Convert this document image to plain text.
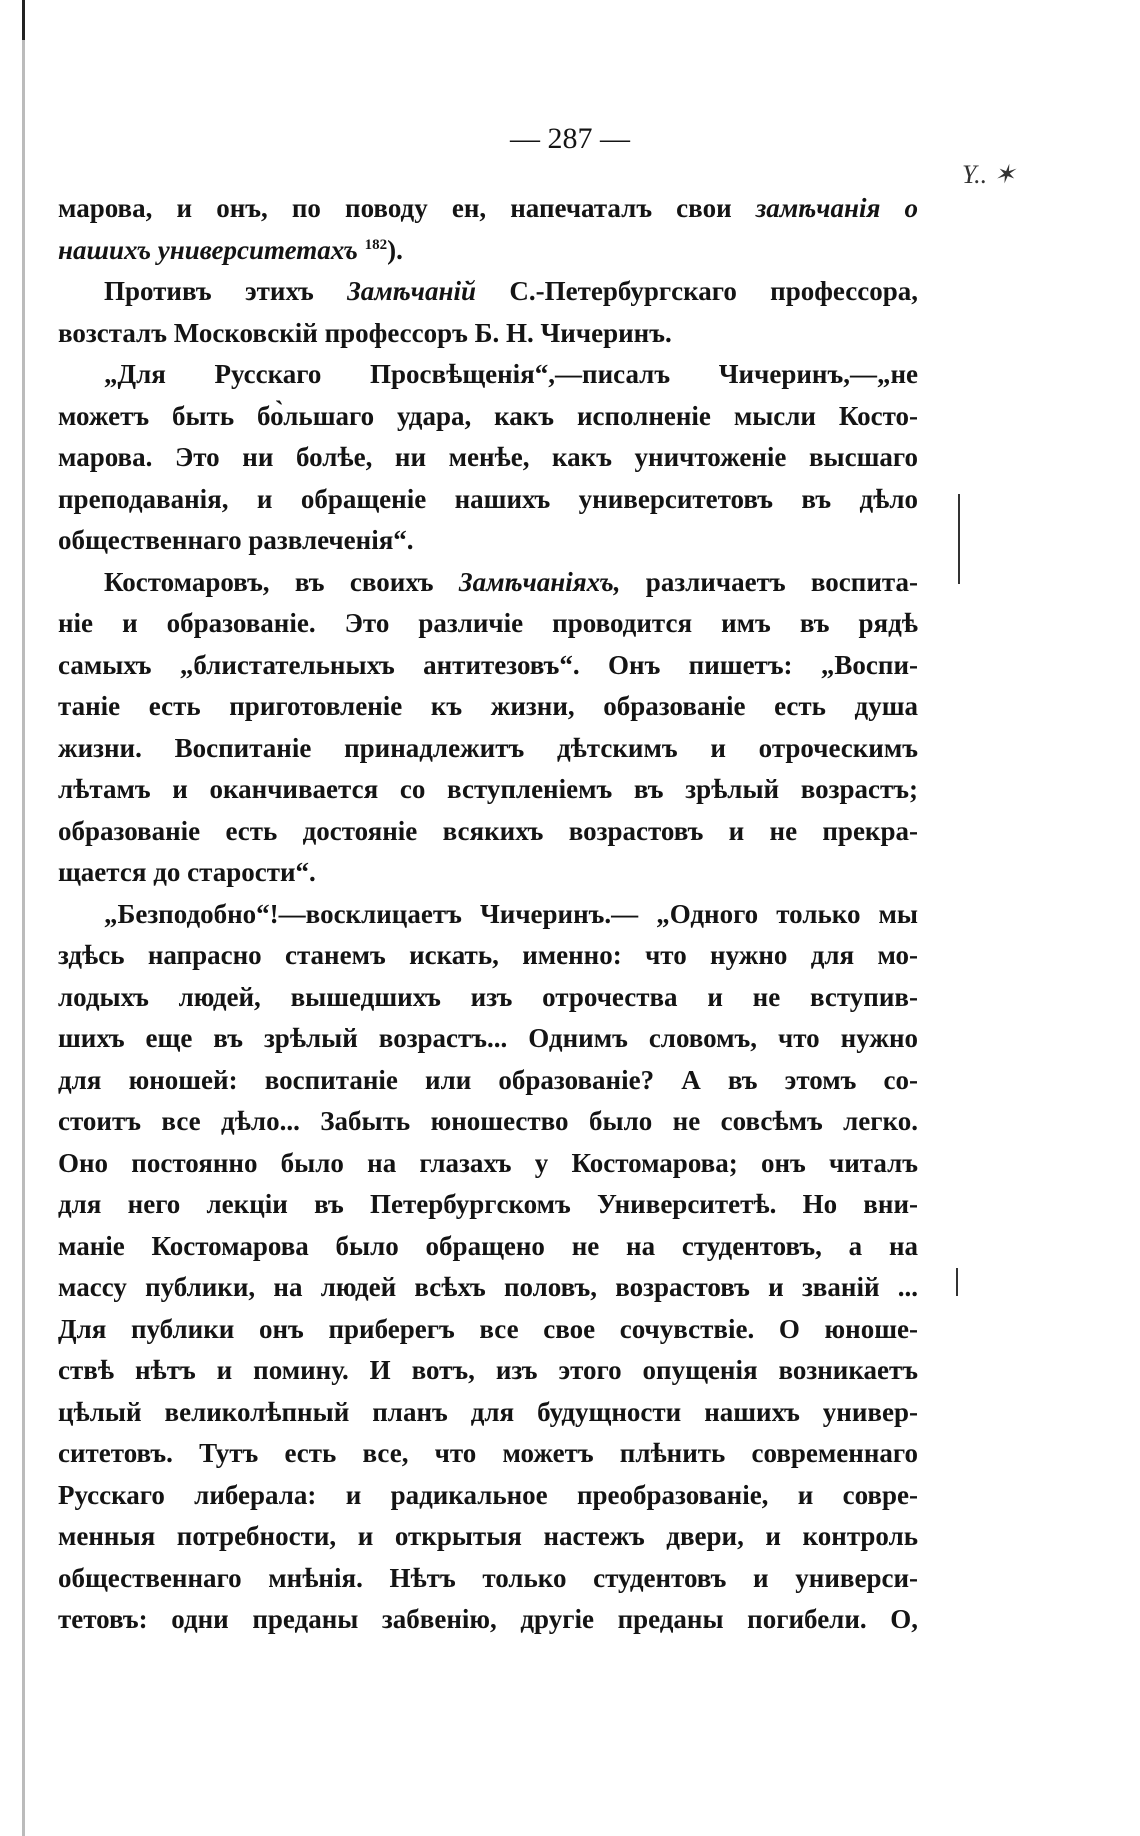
Y.. ✶
— 287 —
марова, и онъ, по поводу ен, напечаталъ свои замѣчанія о
нашихъ университетахъ $^{182}$).
Противъ этихъ Замѣчаній С.-Петербургскаго профессора,
возсталъ Московскій профессоръ Б. Н. Чичеринъ.
„Для Русскаго Просвѣщенія“,—писалъ Чичеринъ,—„не
можетъ быть бо̀льшаго удара, какъ исполненіе мысли Косто-
марова. Это ни болѣе, ни менѣе, какъ уничтоженіе высшаго
преподаванія, и обращеніе нашихъ университетовъ въ дѣло
общественнаго развлеченія“.
Костомаровъ, въ своихъ Замѣчаніяхъ, различаетъ воспита-
ніе и образованіе. Это различіе проводится имъ въ рядѣ
самыхъ „блистательныхъ антитезовъ“. Онъ пишетъ: „Воспи-
таніе есть приготовленіе къ жизни, образованіе есть душа
жизни. Воспитаніе принадлежитъ дѣтскимъ и отроческимъ
лѣтамъ и оканчивается со вступленіемъ въ зрѣлый возрастъ;
образованіе есть достояніе всякихъ возрастовъ и не прекра-
щается до старости“.
„Безподобно“!—восклицаетъ Чичеринъ.— „Одного только мы
здѣсь напрасно станемъ искать, именно: что нужно для мо-
лодыхъ людей, вышедшихъ изъ отрочества и не вступив-
шихъ еще въ зрѣлый возрастъ... Однимъ словомъ, что нужно
для юношей: воспитаніе или образованіе? А въ этомъ со-
стоитъ все дѣло... Забыть юношество было не совсѣмъ легко.
Оно постоянно было на глазахъ у Костомарова; онъ читалъ
для него лекціи въ Петербургскомъ Университетѣ. Но вни-
маніе Костомарова было обращено не на студентовъ, а на
массу публики, на людей всѣхъ половъ, возрастовъ и званій ...
Для публики онъ приберегъ все свое сочувствіе. О юноше-
ствѣ нѣтъ и помину. И вотъ, изъ этого опущенія возникаетъ
цѣлый великолѣпный планъ для будущности нашихъ универ-
ситетовъ. Тутъ есть все, что можетъ плѣнить современнаго
Русскаго либерала: и радикальное преобразованіе, и совре-
менныя потребности, и открытыя настежъ двери, и контроль
общественнаго мнѣнія. Нѣтъ только студентовъ и универси-
тетовъ: одни преданы забвенію, другіе преданы погибели. О,
